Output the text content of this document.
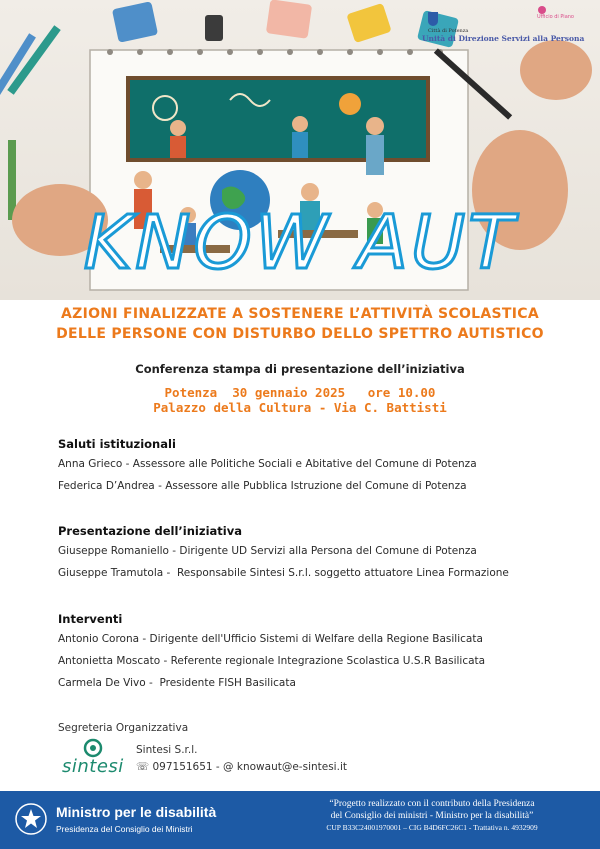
Città di Potenza
Ufficio di Piano
Unità di Direzione Servizi alla Persona
KNOW AUT
AZIONI FINALIZZATE A SOSTENERE L’ATTIVITÀ SCOLASTICA
DELLE PERSONE CON DISTURBO DELLO SPETTRO AUTISTICO
Conferenza stampa di presentazione dell’iniziativa
Potenza  30 gennaio 2025   ore 10.00
Palazzo della Cultura - Via C. Battisti
Saluti istituzionali
Anna Grieco - Assessore alle Politiche Sociali e Abitative del Comune di Potenza
Federica D’Andrea - Assessore alle Pubblica Istruzione del Comune di Potenza
Presentazione dell’iniziativa
Giuseppe Romaniello - Dirigente UD Servizi alla Persona del Comune di Potenza
Giuseppe Tramutola -  Responsabile Sintesi S.r.l. soggetto attuatore Linea Formazione
Interventi
Antonio Corona - Dirigente dell'Ufficio Sistemi di Welfare della Regione Basilicata
Antonietta Moscato - Referente regionale Integrazione Scolastica U.S.R Basilicata
Carmela De Vivo -  Presidente FISH Basilicata
Segreteria Organizzativa
sintesi
Sintesi S.r.l.
☏ 097151651 - @ knowaut@e-sintesi.it
Ministro per le disabilità
Presidenza del Consiglio dei Ministri
“Progetto realizzato con il contributo della Presidenza
del Consiglio dei ministri - Ministro per la disabilità”
CUP B33C24001970001 – CIG B4D6FC26C1 - Trattativa n. 4932909
